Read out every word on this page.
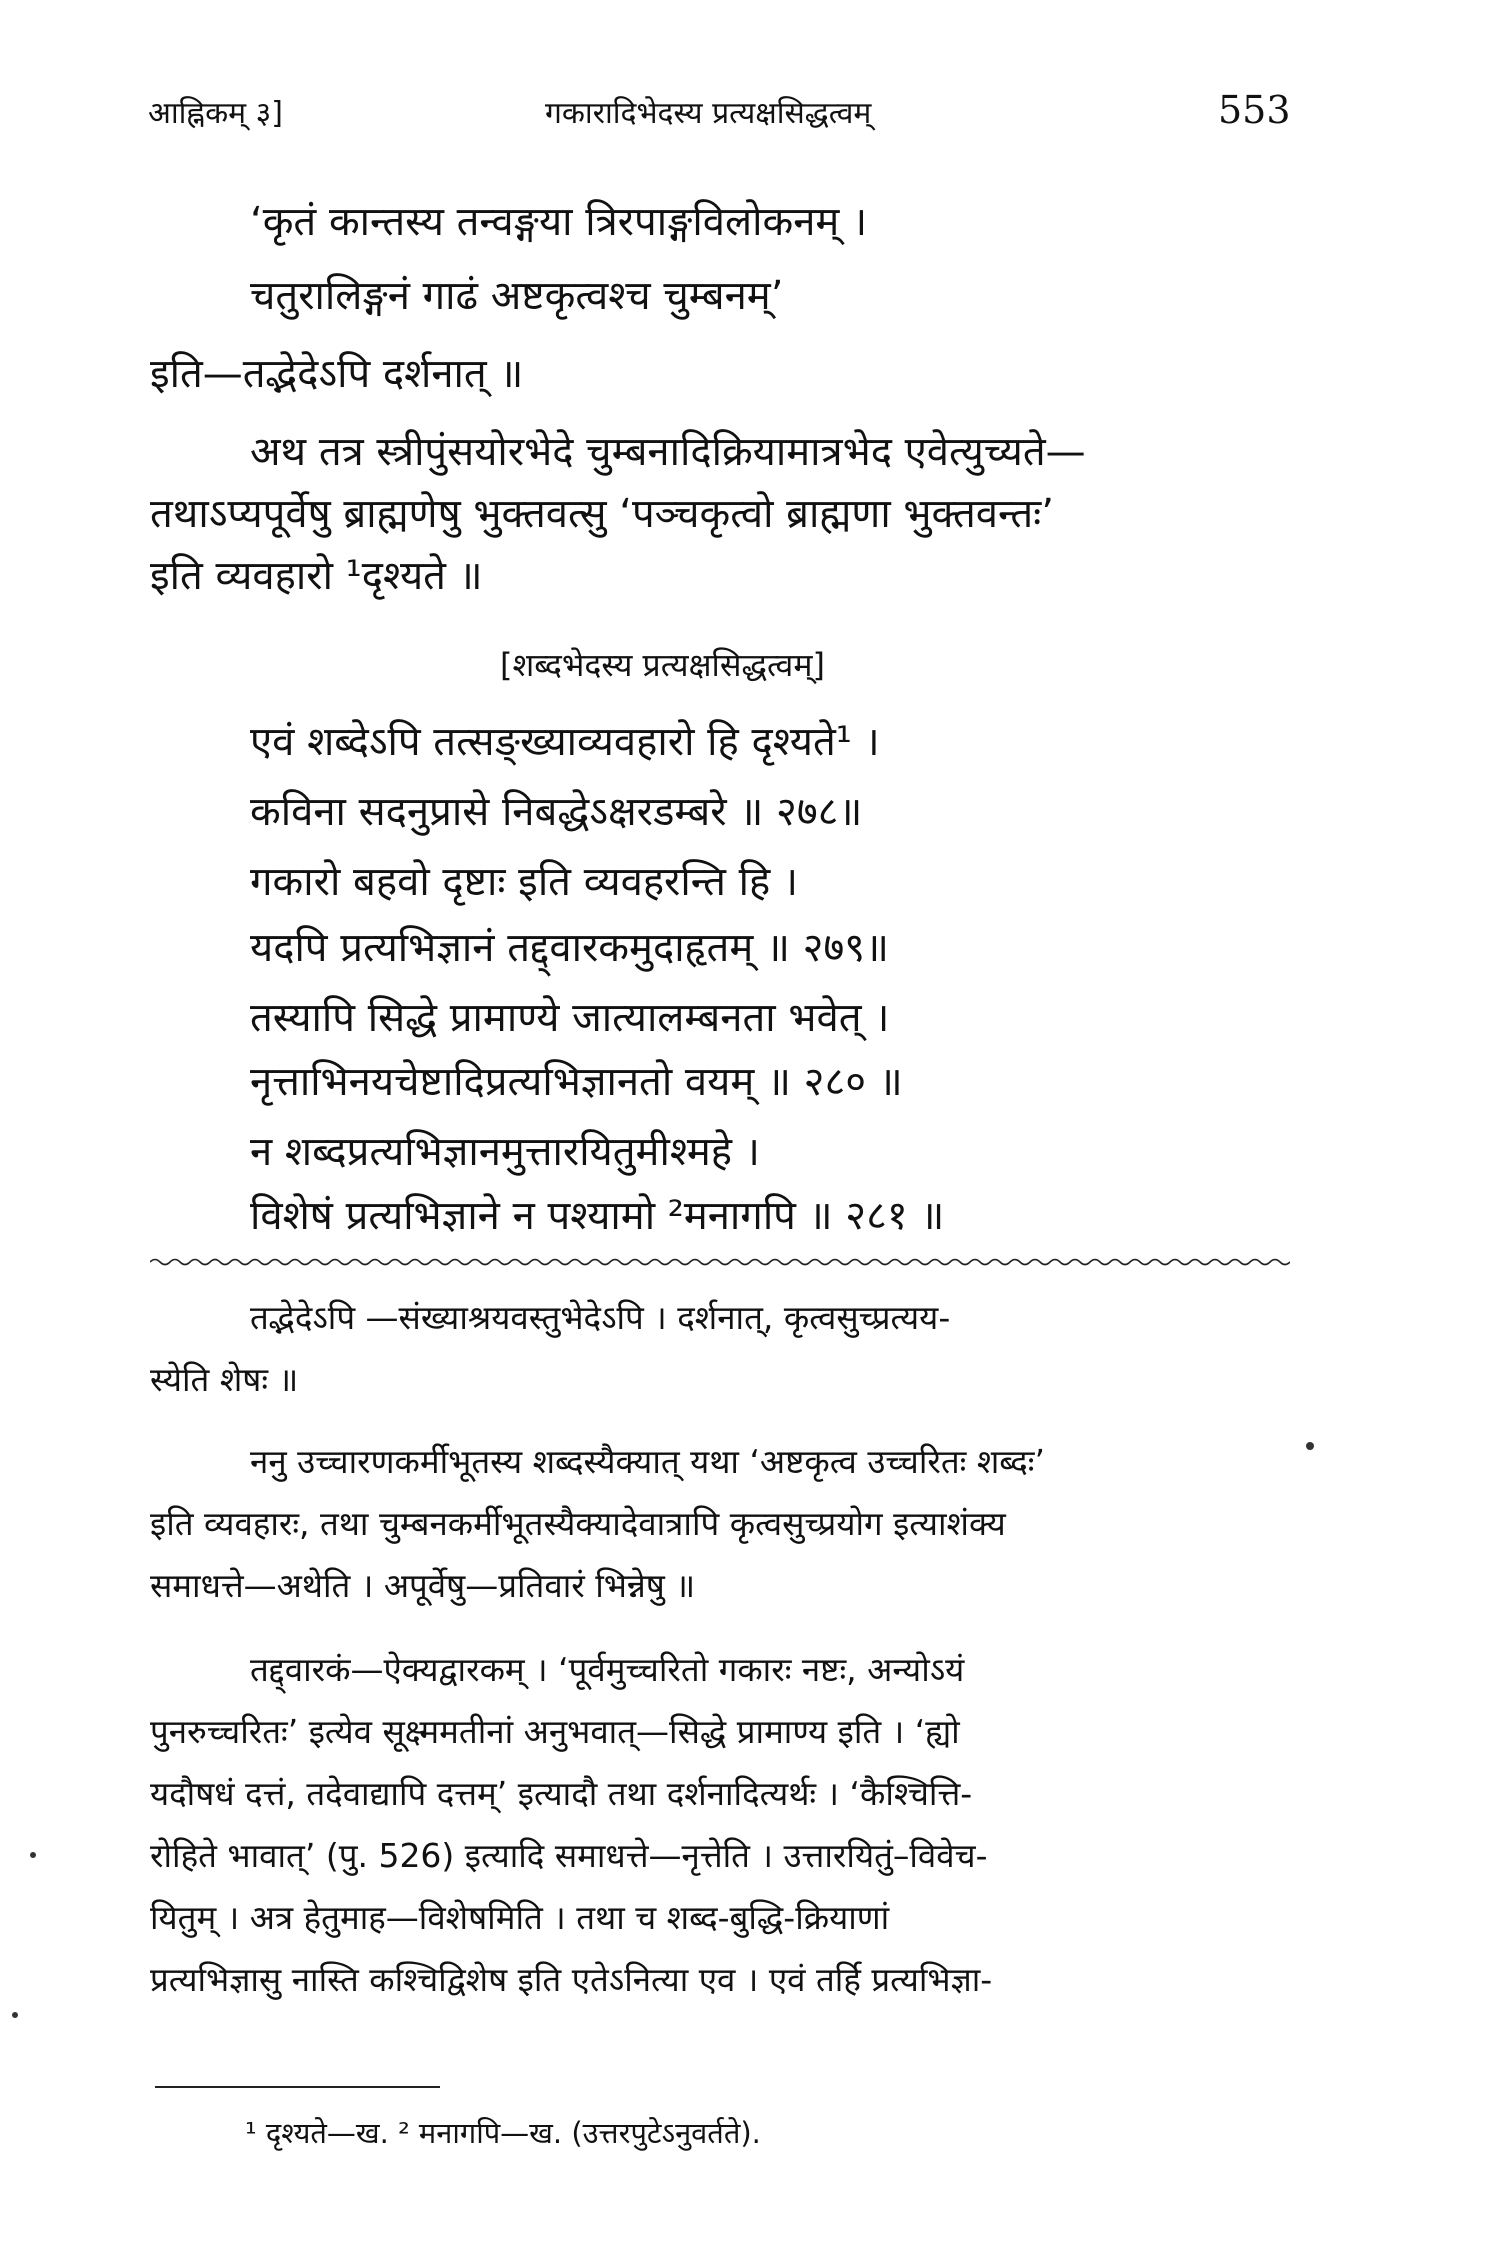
आह्निकम् ३]	गकारादिभेदस्य प्रत्यक्षसिद्धत्वम्	553
‘कृतं कान्तस्य तन्वङ्गया त्रिरपाङ्गविलोकनम् ।
चतुरालिङ्गनं गाढं अष्टकृत्वश्च चुम्बनम्’
इति—तद्भेदेऽपि दर्शनात् ॥
अथ तत्र स्त्रीपुंसयोरभेदे चुम्बनादिक्रियामात्रभेद एवेत्युच्यते—
तथाऽप्यपूर्वेषु ब्राह्मणेषु भुक्तवत्सु ‘पञ्चकृत्वो ब्राह्मणा भुक्तवन्तः’
इति व्यवहारो ¹दृश्यते ॥
[शब्दभेदस्य प्रत्यक्षसिद्धत्वम्]
एवं शब्देऽपि तत्सङ्ख्याव्यवहारो हि दृश्यते¹ ।
कविना सदनुप्रासे निबद्धेऽक्षरडम्बरे ॥ २७८॥
गकारो बहवो दृष्टाः इति व्यवहरन्ति हि ।
यदपि प्रत्यभिज्ञानं तद्द्वारकमुदाहृतम् ॥ २७९॥
तस्यापि सिद्धे प्रामाण्ये जात्यालम्बनता भवेत् ।
नृत्ताभिनयचेष्टादिप्रत्यभिज्ञानतो वयम् ॥ २८० ॥
न शब्दप्रत्यभिज्ञानमुत्तारयितुमीश्महे ।
विशेषं प्रत्यभिज्ञाने न पश्यामो ²मनागपि ॥ २८१ ॥
तद्भेदेऽपि —संख्याश्रयवस्तुभेदेऽपि । दर्शनात्, कृत्वसुच्प्रत्यय-
स्येति शेषः ॥
ननु उच्चारणकर्मीभूतस्य शब्दस्यैक्यात् यथा ‘अष्टकृत्व उच्चरितः शब्दः’
इति व्यवहारः, तथा चुम्बनकर्मीभूतस्यैक्यादेवात्रापि कृत्वसुच्प्रयोग इत्याशंक्य
समाधत्ते—अथेति । अपूर्वेषु—प्रतिवारं भिन्नेषु ॥
तद्द्वारकं—ऐक्यद्वारकम् । ‘पूर्वमुच्चरितो गकारः नष्टः, अन्योऽयं
पुनरुच्चरितः’ इत्येव सूक्ष्ममतीनां अनुभवात्—सिद्धे प्रामाण्य इति । ‘ह्यो
यदौषधं दत्तं, तदेवाद्यापि दत्तम्’ इत्यादौ तथा दर्शनादित्यर्थः । ‘कैश्चित्ति-
रोहिते भावात्’ (पु. 526) इत्यादि समाधत्ते—नृत्तेति । उत्तारयितुं–विवेच-
यितुम् । अत्र हेतुमाह—विशेषमिति । तथा च शब्द-बुद्धि-क्रियाणां
प्रत्यभिज्ञासु नास्ति कश्चिद्विशेष इति एतेऽनित्या एव । एवं तर्हि प्रत्यभिज्ञा-
¹ दृश्यते—ख. ² मनागपि—ख. (उत्तरपुटेऽनुवर्तते).
